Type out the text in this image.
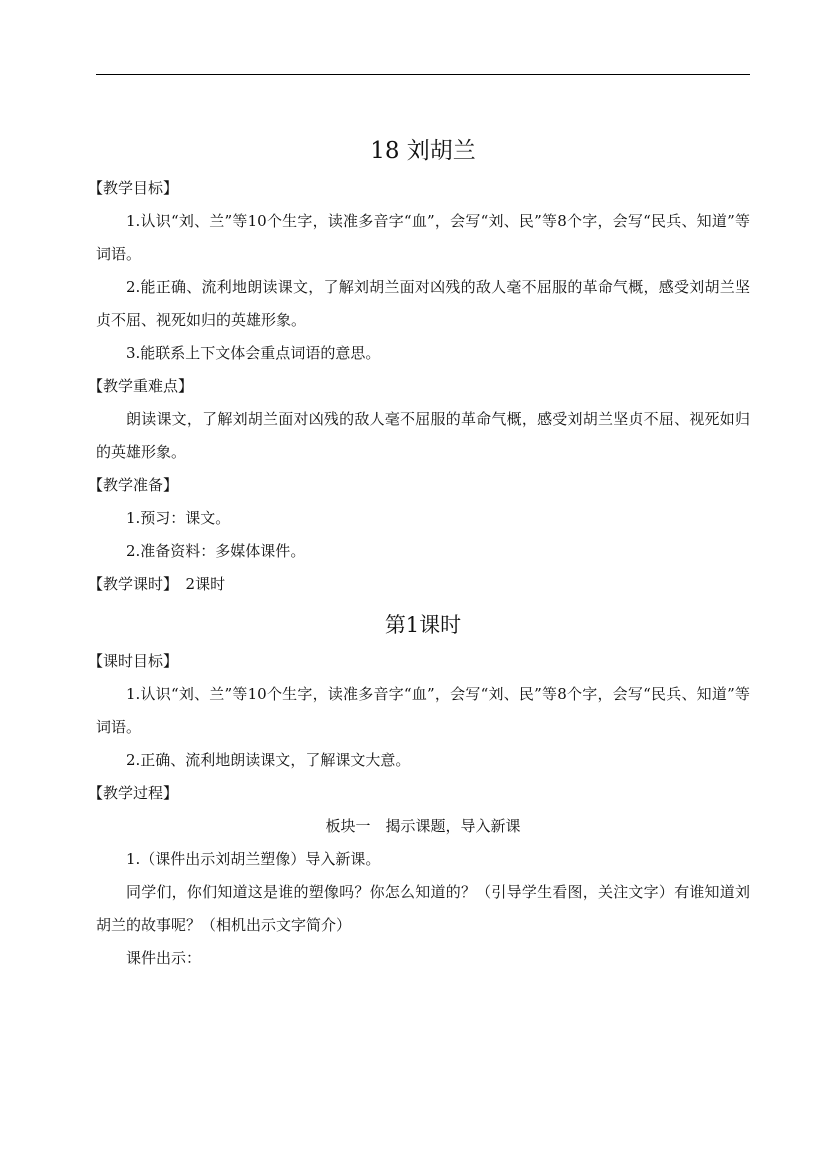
18 刘胡兰
【教学目标】

1.认识“刘、兰”等10个生字，读准多音字“血”，会写“刘、民”等8个字，会写“民兵、知道”等词语。

2.能正确、流利地朗读课文，了解刘胡兰面对凶残的敌人毫不屈服的革命气概，感受刘胡兰坚贞不屈、视死如归的英雄形象。

3.能联系上下文体会重点词语的意思。

【教学重难点】

朗读课文，了解刘胡兰面对凶残的敌人毫不屈服的革命气概，感受刘胡兰坚贞不屈、视死如归的英雄形象。

【教学准备】

1.预习：课文。

2.准备资料：多媒体课件。

【教学课时】　 2课时
第1课时
【课时目标】

1.认识“刘、兰”等10个生字，读准多音字“血”，会写“刘、民”等8个字，会写“民兵、知道”等词语。

2.正确、流利地朗读课文，了解课文大意。

【教学过程】
板块一　揭示课题，导入新课

1.（课件出示刘胡兰塑像）导入新课。

同学们，你们知道这是谁的塑像吗？你怎么知道的？（引导学生看图，关注文字）有谁知道刘胡兰的故事呢？（相机出示文字简介）

课件出示：
